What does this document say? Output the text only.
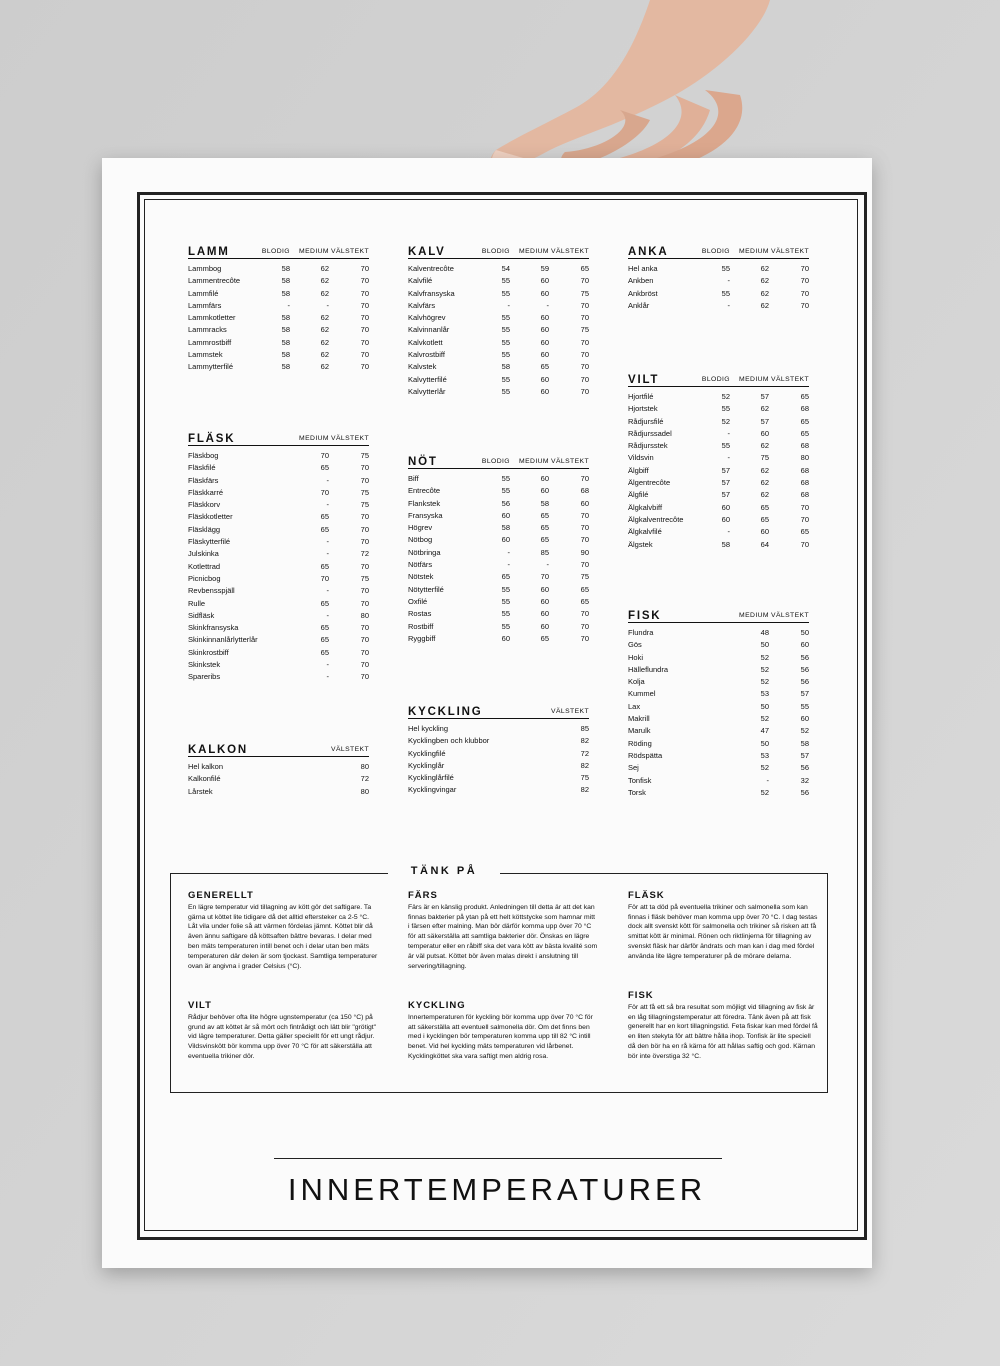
LAMM	BLODIG	MEDIUM VÄLSTEKT
Lammbog	58	62	70
Lammentrecôte	58	62	70
Lammfilé	58	62	70
Lammfärs	-	-	70
Lammkotletter	58	62	70
Lammracks	58	62	70
Lammrostbiff	58	62	70
Lammstek	58	62	70
Lammytterfilé	58	62	70
KALV	BLODIG	MEDIUM VÄLSTEKT
Kalventrecôte	54	59	65
Kalvfilé	55	60	70
Kalvfransyska	55	60	75
Kalvfärs	-	-	70
Kalvhögrev	55	60	70
Kalvinnanlår	55	60	75
Kalvkotlett	55	60	70
Kalvrostbiff	55	60	70
Kalvstek	58	65	70
Kalvytterfilé	55	60	70
Kalvytterlår	55	60	70
ANKA	BLODIG	MEDIUM VÄLSTEKT
Hel anka	55	62	70
Ankben	-	62	70
Ankbröst	55	62	70
Anklår	-	62	70
VILT	BLODIG	MEDIUM VÄLSTEKT
Hjortfilé	52	57	65
Hjortstek	55	62	68
Rådjursfilé	52	57	65
Rådjurssadel	-	60	65
Rådjursstek	55	62	68
Vildsvin	-	75	80
Älgbiff	57	62	68
Älgentrecôte	57	62	68
Älgfilé	57	62	68
Älgkalvbiff	60	65	70
Älgkalventrecôte	60	65	70
Älgkalvfilé	-	60	65
Älgstek	58	64	70
FLÄSK	MEDIUM VÄLSTEKT
Fläskbog	70	75
Fläskfilé	65	70
Fläskfärs	-	70
Fläskkarré	70	75
Fläskkorv	-	75
Fläskkotletter	65	70
Fläsklägg	65	70
Fläskytterfilé	-	70
Julskinka	-	72
Kotlettrad	65	70
Picnicbog	70	75
Revbensspjäll	-	70
Rulle	65	70
Sidfläsk	-	80
Skinkfransyska	65	70
Skinkinnanlårlytterlår	65	70
Skinkrostbiff	65	70
Skinkstek	-	70
Spareribs	-	70
NÖT	BLODIG	MEDIUM VÄLSTEKT
Biff	55	60	70
Entrecôte	55	60	68
Flankstek	56	58	60
Fransyska	60	65	70
Högrev	58	65	70
Nötbog	60	65	70
Nötbringa	-	85	90
Nötfärs	-	-	70
Nötstek	65	70	75
Nötytterfilé	55	60	65
Oxfilé	55	60	65
Rostas	55	60	70
Rostbiff	55	60	70
Ryggbiff	60	65	70
FISK	MEDIUM VÄLSTEKT
Flundra	48	50
Gös	50	60
Hoki	52	56
Hälleflundra	52	56
Kolja	52	56
Kummel	53	57
Lax	50	55
Makrill	52	60
Marulk	47	52
Röding	50	58
Rödspätta	53	57
Sej	52	56
Tonfisk	-	32
Torsk	52	56
KYCKLING	VÄLSTEKT
Hel kyckling	85
Kycklingben och klubbor	82
Kycklingfilé	72
Kycklinglår	82
Kycklinglårfilé	75
Kycklingvingar	82
KALKON	VÄLSTEKT
Hel kalkon	80
Kalkonfilé	72
Lårstek	80
TÄNK PÅ
GENERELLT
En lägre temperatur vid tillagning av kött gör det saftigare. Ta gärna ut köttet lite tidigare då det alltid eftersteker ca 2-5 °C. Låt vila under folie så att värmen fördelas jämnt. Köttet blir då även ännu saftigare då köttsaften bättre bevaras. I delar med ben mäts temperaturen intill benet och i delar utan ben mäts temperaturen där delen är som tjockast. Samtliga temperaturer ovan är angivna i grader Celsius (°C).
VILT
Rådjur behöver ofta lite högre ugnstemperatur (ca 150 °C) på grund av att köttet är så mört och fintrådigt och lätt blir "grötigt" vid lägre temperaturer. Detta gäller speciellt för ett ungt rådjur. Vildsvinskött bör komma upp över 70 °C för att säkerställa att eventuella trikiner dör.
FÄRS
Färs är en känslig produkt. Anledningen till detta är att det kan finnas bakterier på ytan på ett helt köttstycke som hamnar mitt i färsen efter malning. Man bör därför komma upp över 70 °C för att säkerställa att samtliga bakterier dör. Önskas en lägre temperatur eller en råbiff ska det vara kött av bästa kvalité som är väl putsat. Köttet bör även malas direkt i anslutning till servering/tillagning.
KYCKLING
Innertemperaturen för kyckling bör komma upp över 70 °C för att säkerställa att eventuell salmonella dör. Om det finns ben med i kycklingen bör temperaturen komma upp till 82 °C intill benet. Vid hel kyckling mäts temperaturen vid lårbenet. Kycklingköttet ska vara saftigt men aldrig rosa.
FLÄSK
För att ta död på eventuella trikiner och salmonella som kan finnas i fläsk behöver man komma upp över 70 °C. I dag testas dock allt svenskt kött för salmonella och trikiner så risken att få smittat kött är minimal. Rönen och riktlinjerna för tillagning av svenskt fläsk har därför ändrats och man kan i dag med fördel använda lite lägre temperaturer på de mörare delarna.
FISK
För att få ett så bra resultat som möjligt vid tillagning av fisk är en låg tillagningstemperatur att föredra. Tänk även på att fisk generellt har en kort tillagningstid. Feta fiskar kan med fördel få en liten stekyta för att bättre hålla ihop. Tonfisk är lite speciell då den bör ha en rå kärna för att hållas saftig och god. Kärnan bör inte överstiga 32 °C.
INNERTEMPERATURER
